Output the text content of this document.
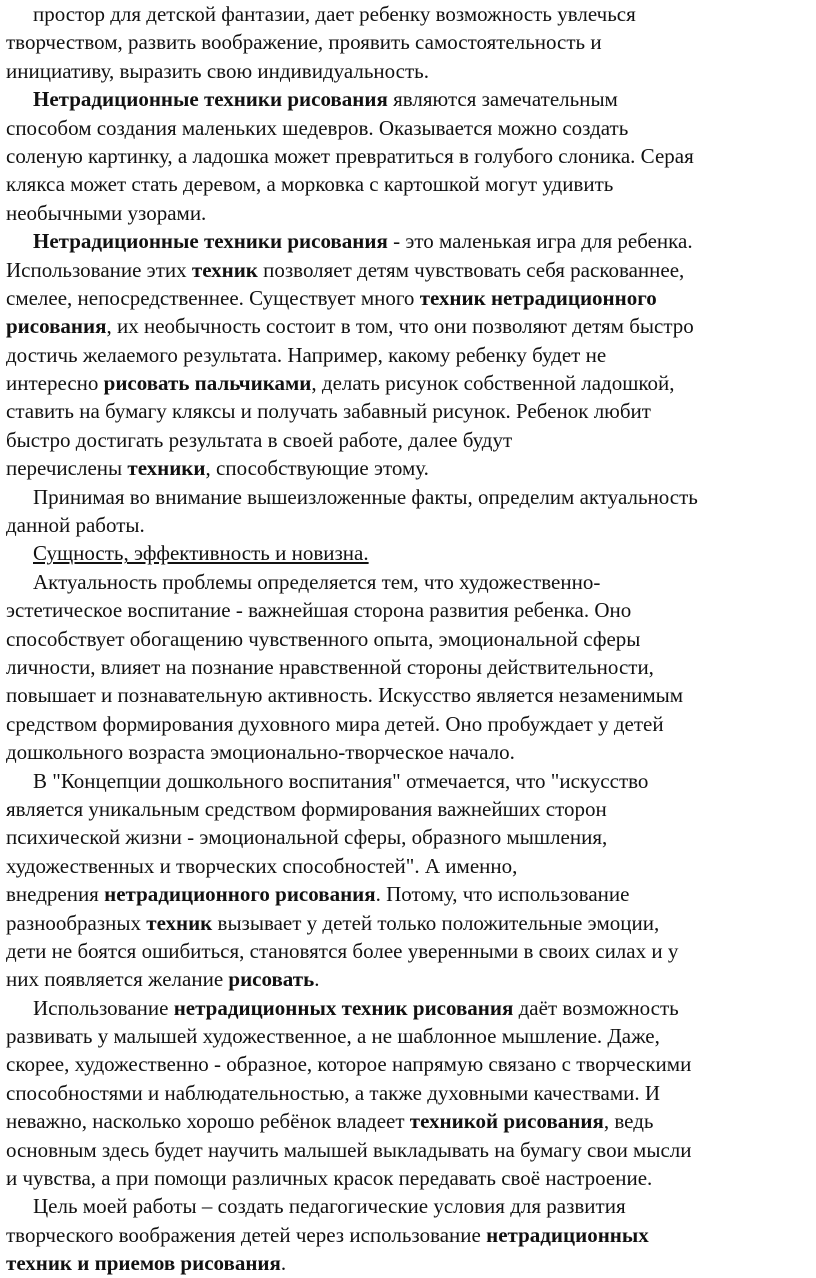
простор для детской фантазии, дает ребенку возможность увлечься
творчеством, развить воображение, проявить самостоятельность и
инициативу, выразить свою индивидуальность.
Нетрадиционные техники рисования являются замечательным
способом создания маленьких шедевров. Оказывается можно создать
соленую картинку, а ладошка может превратиться в голубого слоника. Серая
клякса может стать деревом, а морковка с картошкой могут удивить
необычными узорами.
Нетрадиционные техники рисования - это маленькая игра для ребенка.
Использование этих техник позволяет детям чувствовать себя раскованнее,
смелее, непосредственнее. Существует много техник нетрадиционного
рисования, их необычность состоит в том, что они позволяют детям быстро
достичь желаемого результата. Например, какому ребенку будет не
интересно рисовать пальчиками, делать рисунок собственной ладошкой,
ставить на бумагу кляксы и получать забавный рисунок. Ребенок любит
быстро достигать результата в своей работе, далее будут
перечислены техники, способствующие этому.
Принимая во внимание вышеизложенные факты, определим актуальность
данной работы.
Сущность, эффективность и новизна.
Актуальность проблемы определяется тем, что художественно-
эстетическое воспитание - важнейшая сторона развития ребенка. Оно
способствует обогащению чувственного опыта, эмоциональной сферы
личности, влияет на познание нравственной стороны действительности,
повышает и познавательную активность. Искусство является незаменимым
средством формирования духовного мира детей. Оно пробуждает у детей
дошкольного возраста эмоционально-творческое начало.
В "Концепции дошкольного воспитания" отмечается, что "искусство
является уникальным средством формирования важнейших сторон
психической жизни - эмоциональной сферы, образного мышления,
художественных и творческих способностей". А именно,
внедрения нетрадиционного рисования. Потому, что использование
разнообразных техник вызывает у детей только положительные эмоции,
дети не боятся ошибиться, становятся более уверенными в своих силах и у
них появляется желание рисовать.
Использование нетрадиционных техник рисования даёт возможность
развивать у малышей художественное, а не шаблонное мышление. Даже,
скорее, художественно - образное, которое напрямую связано с творческими
способностями и наблюдательностью, а также духовными качествами. И
неважно, насколько хорошо ребёнок владеет техникой рисования, ведь
основным здесь будет научить малышей выкладывать на бумагу свои мысли
и чувства, а при помощи различных красок передавать своё настроение.
Цель моей работы – создать педагогические условия для развития
творческого воображения детей через использование нетрадиционных
техник и приемов рисования.
